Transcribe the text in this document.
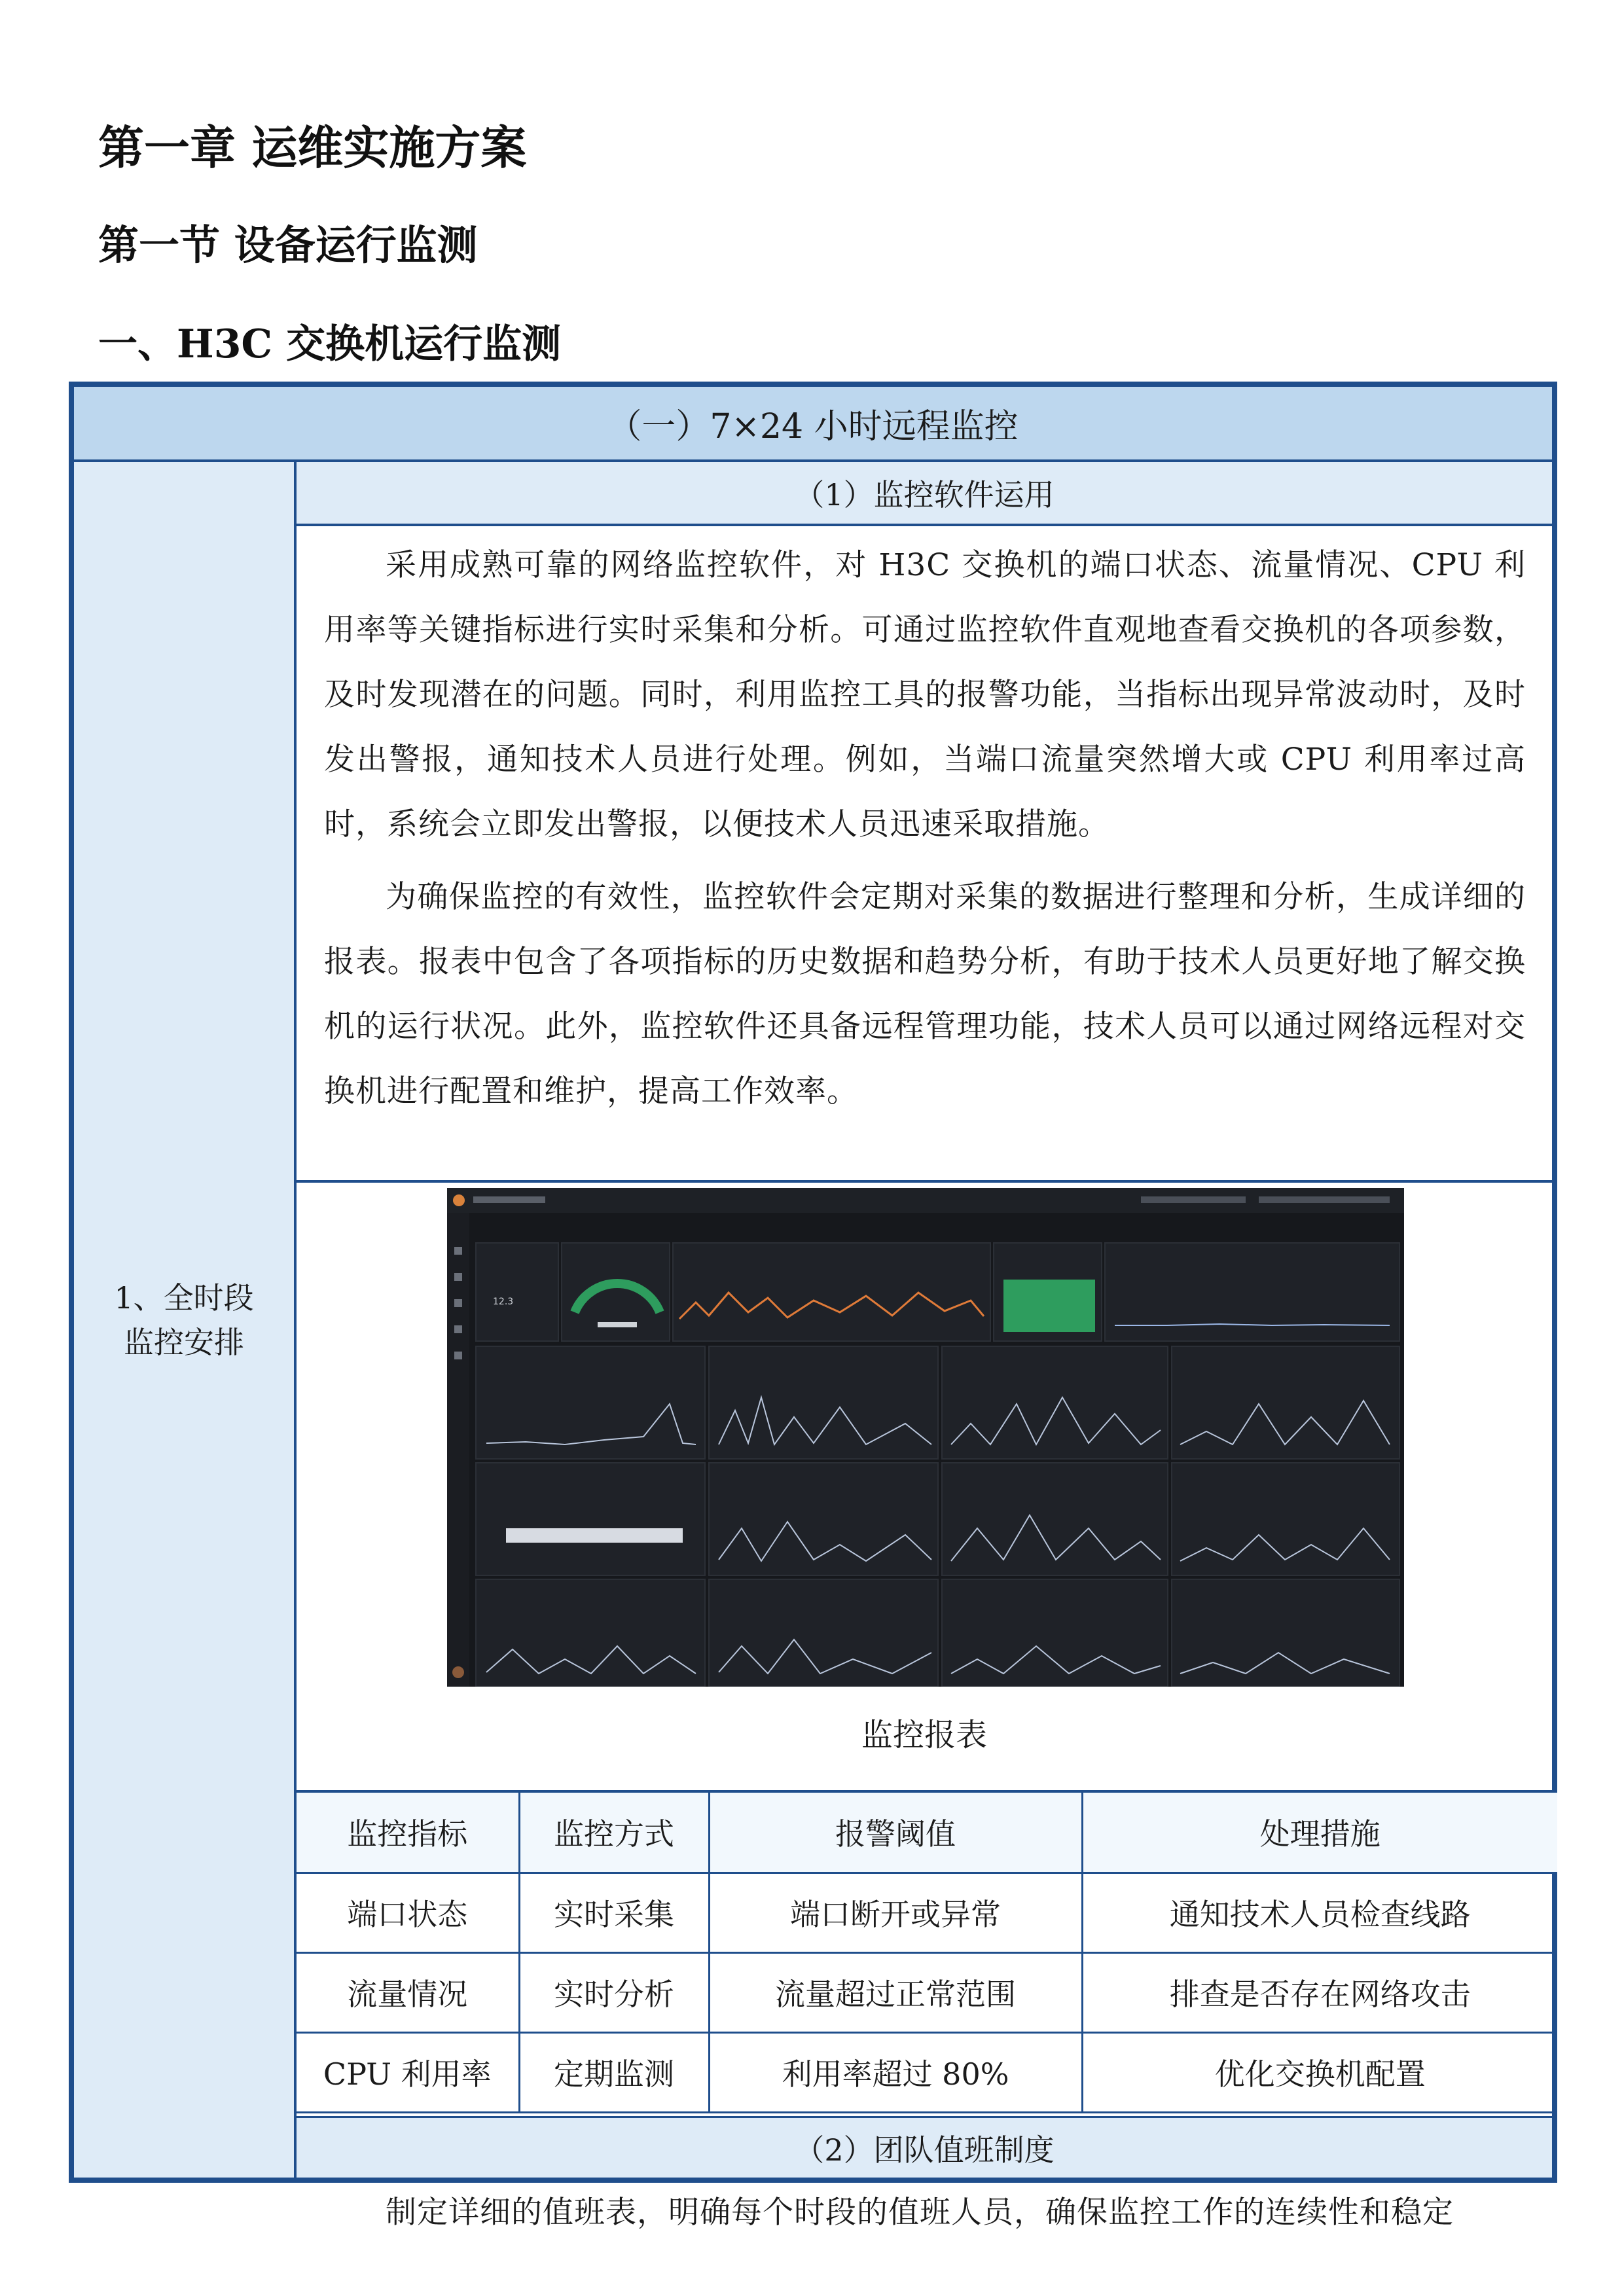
第一章 运维实施方案
第一节 设备运行监测
一、H3C 交换机运行监测
（一）7×24 小时远程监控
1、全时段
监控安排
（1）监控软件运用

采用成熟可靠的网络监控软件，对 H3C 交换机的端口状态、流量情况、CPU 利用率等关键指标进行实时采集和分析。可通过监控软件直观地查看交换机的各项参数，及时发现潜在的问题。同时，利用监控工具的报警功能，当指标出现异常波动时，及时发出警报，通知技术人员进行处理。例如，当端口流量突然增大或 CPU 利用率过高时，系统会立即发出警报，以便技术人员迅速采取措施。

为确保监控的有效性，监控软件会定期对采集的数据进行整理和分析，生成详细的报表。报表中包含了各项指标的历史数据和趋势分析，有助于技术人员更好地了解交换机的运行状况。此外，监控软件还具备远程管理功能，技术人员可以通过网络远程对交换机进行配置和维护，提高工作效率。

12.3
监控报表
监控指标	监控方式	报警阈值	处理措施
端口状态	实时采集	端口断开或异常	通知技术人员检查线路
流量情况	实时分析	流量超过正常范围	排查是否存在网络攻击
CPU 利用率	定期监测	利用率超过 80%	优化交换机配置
（2）团队值班制度

制定详细的值班表，明确每个时段的值班人员，确保监控工作的连续性和稳定
